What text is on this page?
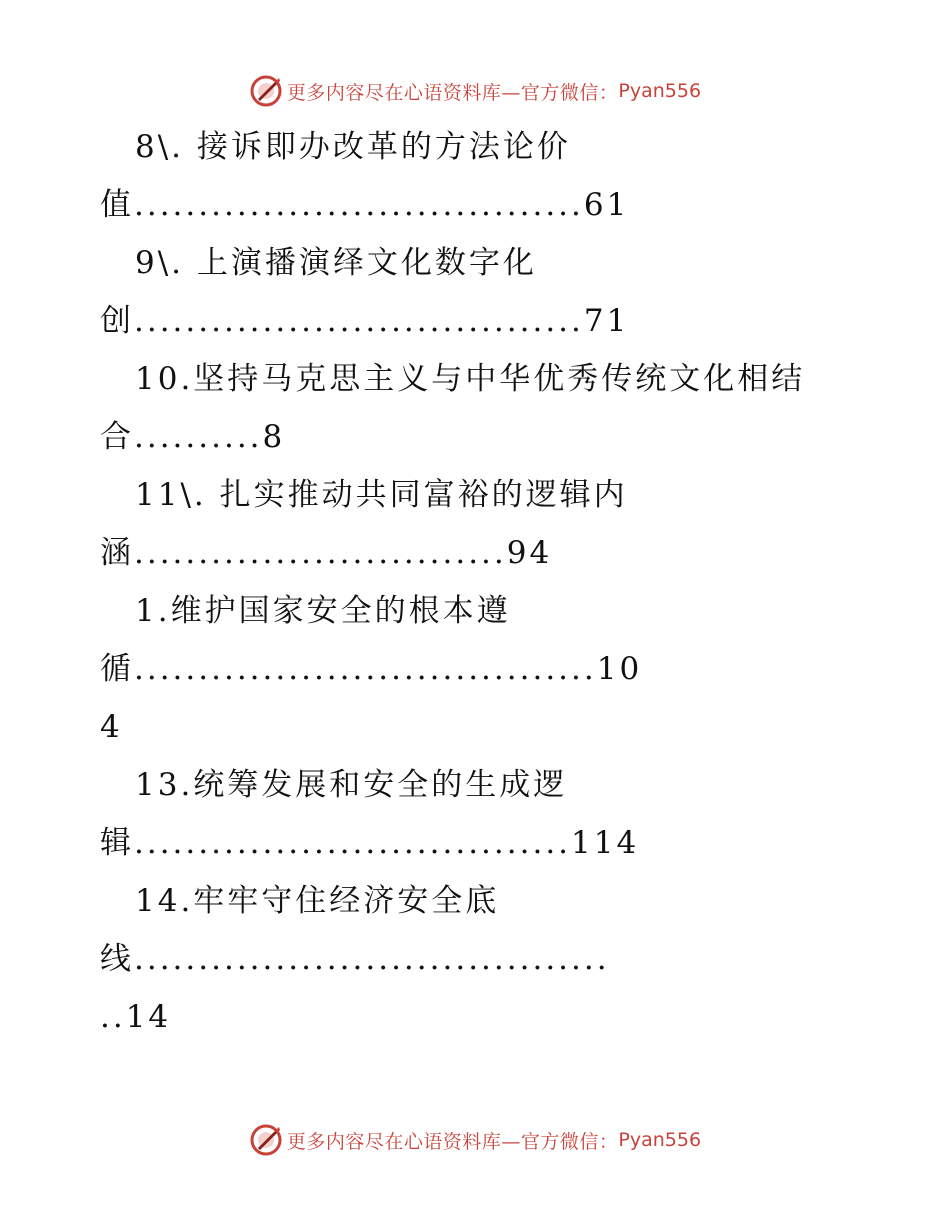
更多内容尽在心语资料库—官方微信： Pyan556
8\. 接诉即办改革的方法论价
值...................................61
9\. 上演播演绎文化数字化
创...................................71
10.坚持马克思主义与中华优秀传统文化相结
合..........8
11\. 扎实推动共同富裕的逻辑内
涵.............................94
1.维护国家安全的根本遵
循....................................10
4
13.统筹发展和安全的生成逻
辑..................................114
14.牢牢守住经济安全底
线.....................................
..14
更多内容尽在心语资料库—官方微信： Pyan556
